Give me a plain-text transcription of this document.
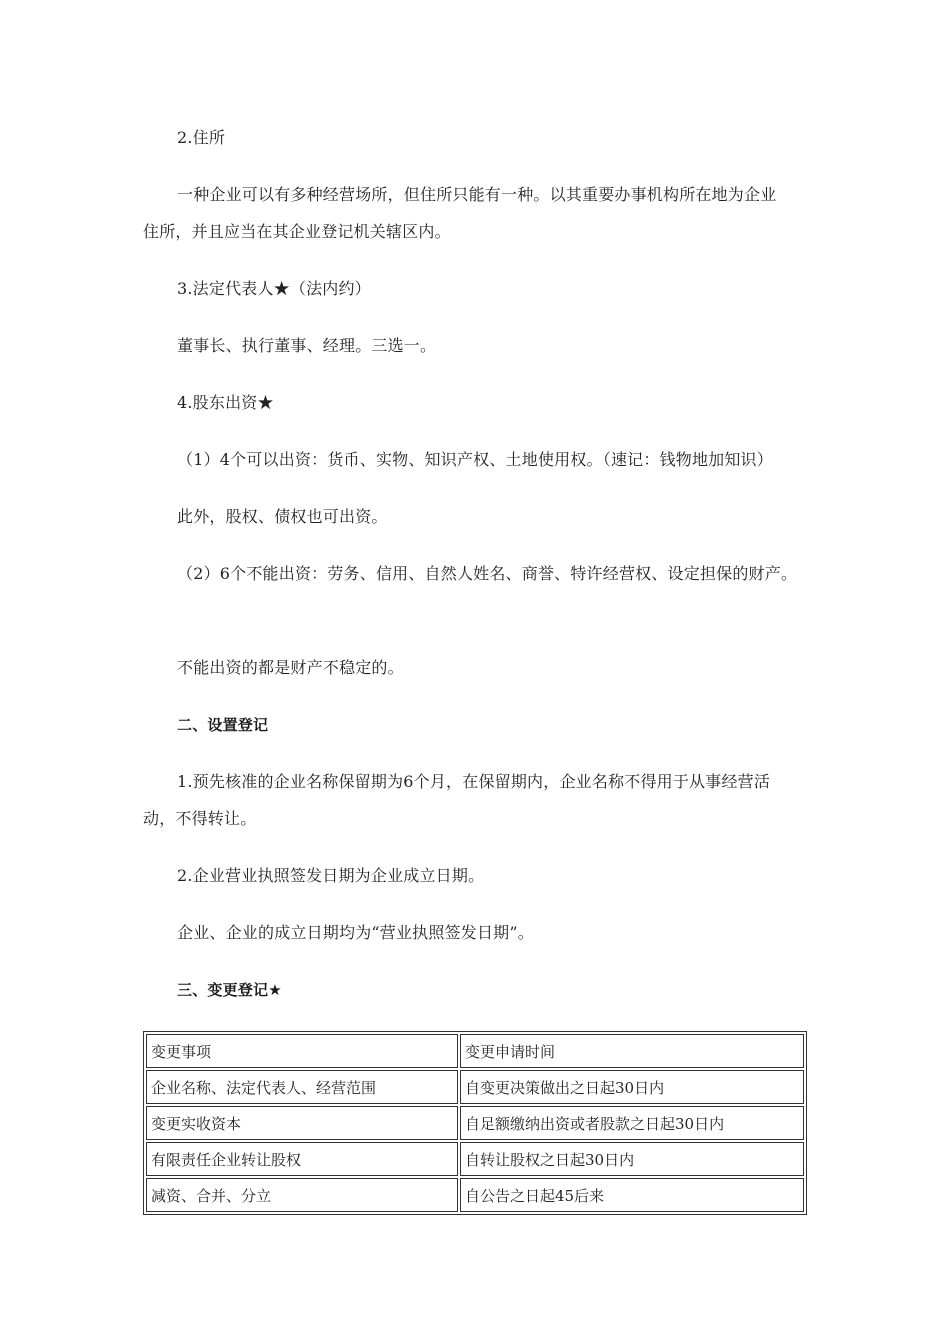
2.住所
一种企业可以有多种经营场所，但住所只能有一种。以其重要办事机构所在地为企业
住所，并且应当在其企业登记机关辖区内。
3.法定代表人★（法内约）
董事长、执行董事、经理。三选一。
4.股东出资★
（1）4个可以出资：货币、实物、知识产权、土地使用权。（速记：钱物地加知识）
此外，股权、债权也可出资。
（2）6个不能出资：劳务、信用、自然人姓名、商誉、特许经营权、设定担保的财产。
不能出资的都是财产不稳定的。
二、设置登记
1.预先核准的企业名称保留期为6个月，在保留期内，企业名称不得用于从事经营活
动，不得转让。
2.企业营业执照签发日期为企业成立日期。
企业、企业的成立日期均为“营业执照签发日期”。
三、变更登记★
变更事项	变更申请时间
企业名称、法定代表人、经营范围	自变更决策做出之日起30日内
变更实收资本	自足额缴纳出资或者股款之日起30日内
有限责任企业转让股权	自转让股权之日起30日内
减资、合并、分立	自公告之日起45后来
